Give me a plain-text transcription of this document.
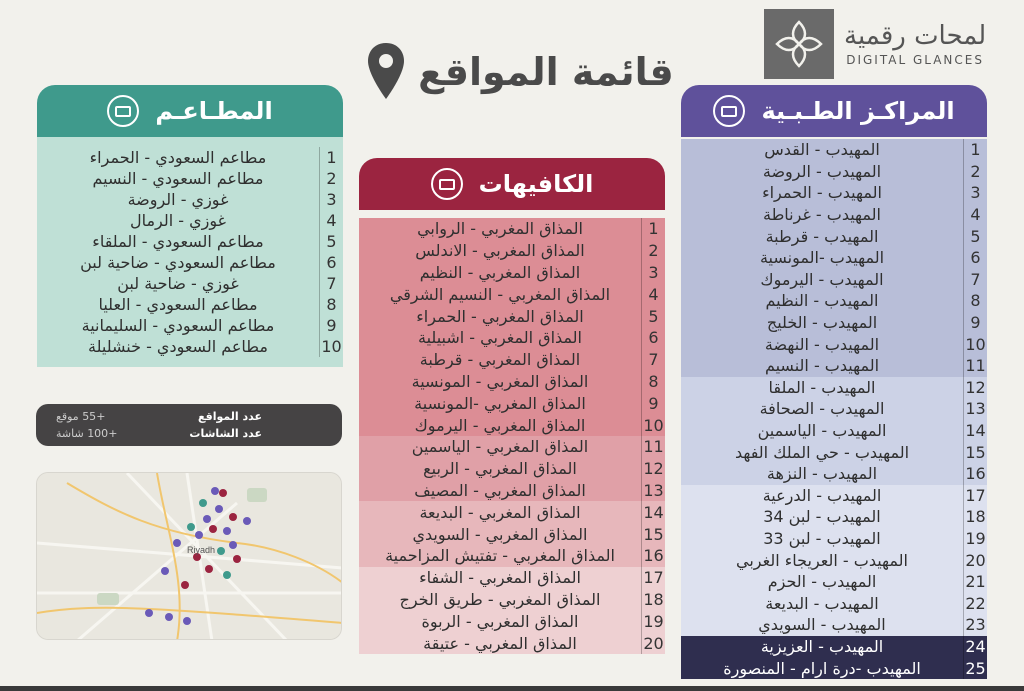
قائمة المواقع
لمحات رقمية
DIGITAL GLANCES
المطـاعـم
مطاعم السعودي - الحمراء	1
مطاعم السعودي - النسيم	2
غوزي - الروضة	3
غوزي - الرمال	4
مطاعم السعودي - الملقاء	5
مطاعم السعودي - ضاحية لبن	6
غوزي - ضاحية لبن	7
مطاعم السعودي - العليا	8
مطاعم السعودي - السليمانية	9
مطاعم السعودي - خنشليلة	10
الكافيهات
المذاق المغربي - الروابي	1
المذاق المغربي - الاندلس	2
المذاق المغربي - النظيم	3
المذاق المغربي - النسيم الشرقي	4
المذاق المغربي - الحمراء	5
المذاق المغربي - اشبيلية	6
المذاق المغربي - قرطبة	7
المذاق المغربي - المونسية	8
المذاق المغربي -المونسية	9
المذاق المغربي - اليرموك	10
المذاق المغربي - الياسمين	11
المذاق المغربي - الربيع	12
المذاق المغربي - المصيف	13
المذاق المغربي - البديعة	14
المذاق المغربي - السويدي	15
المذاق المغربي - تفتيش المزاحمية	16
المذاق المغربي - الشفاء	17
المذاق المغربي - طريق الخرج	18
المذاق المغربي - الربوة	19
المذاق المغربي - عتيقة	20
المراكـز الطـبـية
المهيدب - القدس	1
المهيدب - الروضة	2
المهيدب - الحمراء	3
المهيدب - غرناطة	4
المهيدب - قرطبة	5
المهيدب -المونسية	6
المهيدب - اليرموك	7
المهيدب - النظيم	8
المهيدب - الخليج	9
المهيدب - النهضة	10
المهيدب - النسيم	11
المهيدب - الملقا	12
المهيدب - الصحافة	13
المهيدب - الياسمين	14
المهيدب - حي الملك الفهد	15
المهيدب - النزهة	16
المهيدب - الدرعية	17
المهيدب - لبن 34	18
المهيدب - لبن 33	19
المهيدب - العريجاء الغربي	20
المهيدب - الحزم	21
المهيدب - البديعة	22
المهيدب - السويدي	23
المهيدب - العزيزية	24
المهيدب -درة ارام - المنصورة	25
عدد المواقع
+55 موقع
عدد الشاشات
+100 شاشة
Riyadh
